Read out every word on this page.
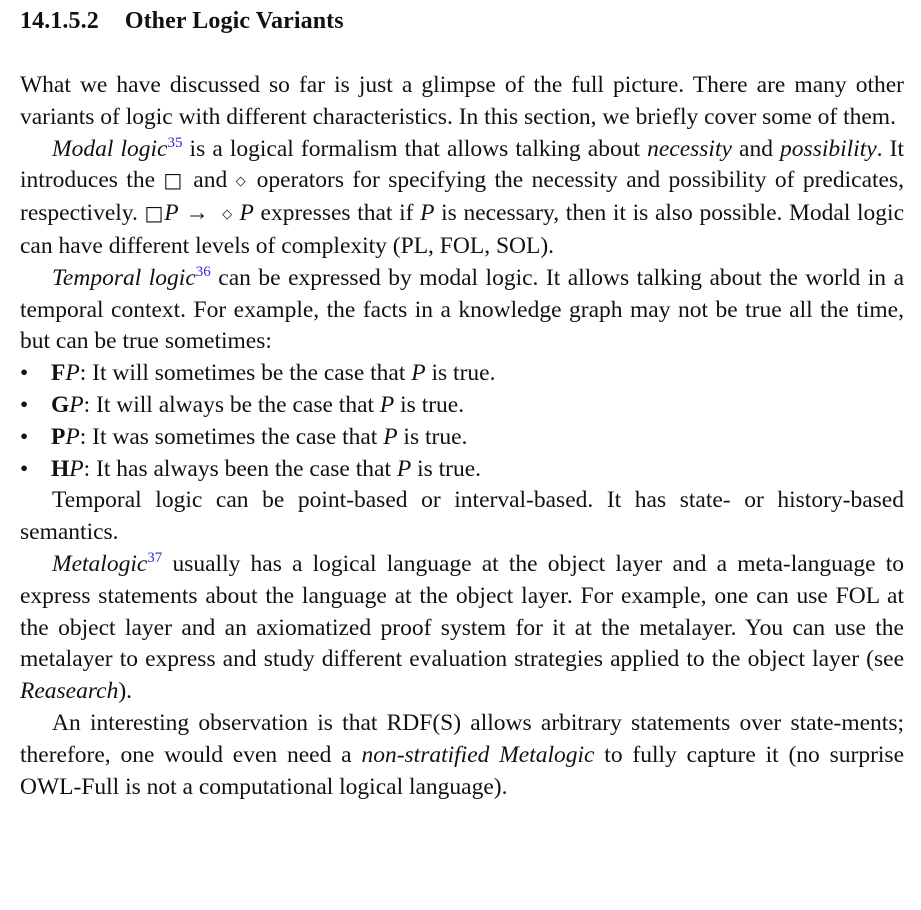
14.1.5.2 Other Logic Variants

What we have discussed so far is just a glimpse of the full picture. There are many other variants of logic with different characteristics. In this section, we briefly cover some of them.

Modal logic$^{35}$ is a logical formalism that allows talking about necessity and possibility. It introduces the □ and ◇ operators for specifying the necessity and possibility of predicates, respectively. □P → ◇ P expresses that if P is necessary, then it is also possible. Modal logic can have different levels of complexity (PL, FOL, SOL).

Temporal logic$^{36}$ can be expressed by modal logic. It allows talking about the world in a temporal context. For example, the facts in a knowledge graph may not be true all the time, but can be true sometimes:

• FP: It will sometimes be the case that P is true.
• GP: It will always be the case that P is true.
• PP: It was sometimes the case that P is true.
• HP: It has always been the case that P is true.

Temporal logic can be point-based or interval-based. It has state- or history-based semantics.

Metalogic$^{37}$ usually has a logical language at the object layer and a meta-language to express statements about the language at the object layer. For example, one can use FOL at the object layer and an axiomatized proof system for it at the metalayer. You can use the metalayer to express and study different evaluation strategies applied to the object layer (see Reasearch).

An interesting observation is that RDF(S) allows arbitrary statements over state-ments; therefore, one would even need a non-stratified Metalogic to fully capture it (no surprise OWL-Full is not a computational logical language).
